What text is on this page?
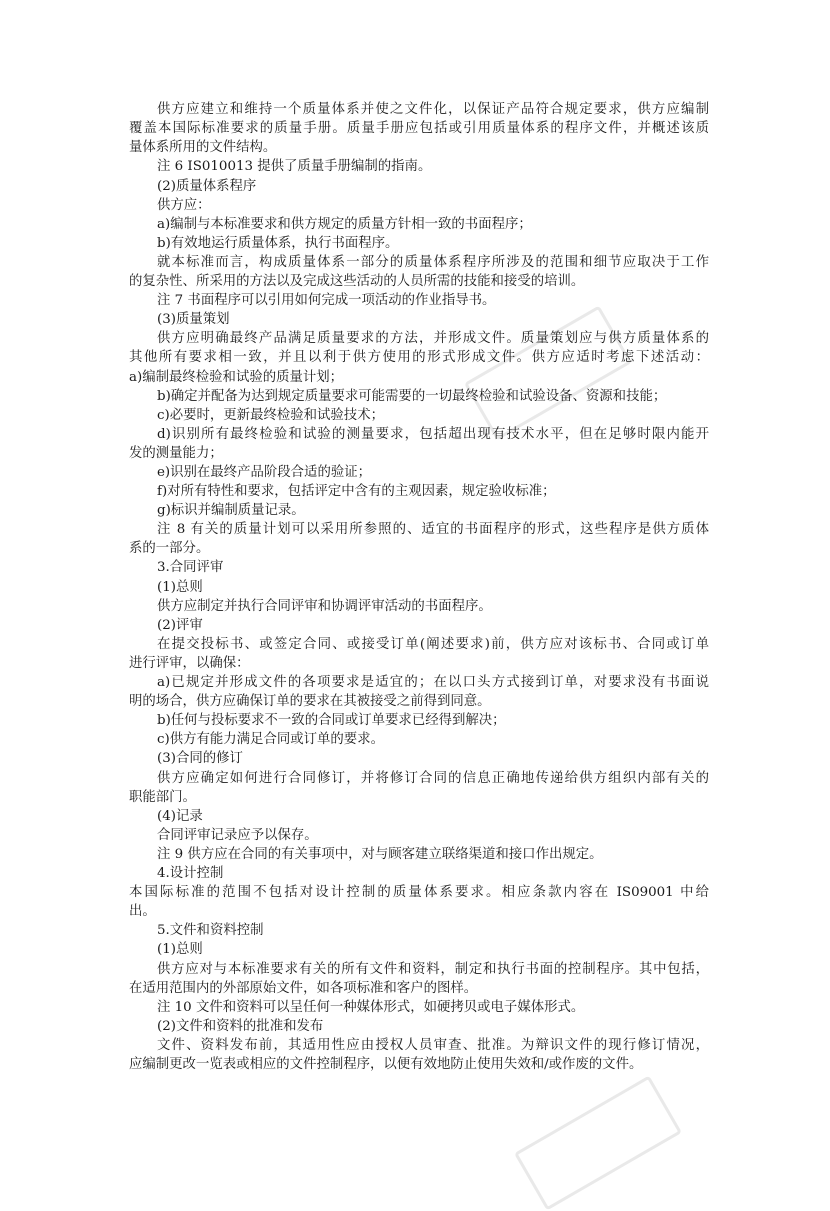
供方应建立和维持一个质量体系并使之文件化，以保证产品符合规定要求，供方应编制

覆盖本国际标准要求的质量手册。质量手册应包括或引用质量体系的程序文件，并概述该质

量体系所用的文件结构。

注 6 IS010013 提供了质量手册编制的指南。

(2)质量体系程序

供方应：

a)编制与本标准要求和供方规定的质量方针相一致的书面程序；

b)有效地运行质量体系，执行书面程序。

就本标准而言，构成质量体系一部分的质量体系程序所涉及的范围和细节应取决于工作

的复杂性、所采用的方法以及完成这些活动的人员所需的技能和接受的培训。

注 7 书面程序可以引用如何完成一项活动的作业指导书。

(3)质量策划

供方应明确最终产品满足质量要求的方法，并形成文件。质量策划应与供方质量体系的

其他所有要求相一致，并且以利于供方使用的形式形成文件。供方应适时考虑下述活动：

a)编制最终检验和试验的质量计划；

b)确定并配备为达到规定质量要求可能需要的一切最终检验和试验设备、资源和技能；

c)必要时，更新最终检验和试验技术；

d)识别所有最终检验和试验的测量要求，包括超出现有技术水平，但在足够时限内能开

发的测量能力；

e)识别在最终产品阶段合适的验证；

f)对所有特性和要求，包括评定中含有的主观因素，规定验收标准；

g)标识并编制质量记录。

注 8 有关的质量计划可以采用所参照的、适宜的书面程序的形式，这些程序是供方质体

系的一部分。

3.合同评审

(1)总则

供方应制定并执行合同评审和协调评审活动的书面程序。

(2)评审

在提交投标书、或签定合同、或接受订单(阐述要求)前，供方应对该标书、合同或订单

进行评审，以确保：

a)已规定并形成文件的各项要求是适宜的；在以口头方式接到订单，对要求没有书面说

明的场合，供方应确保订单的要求在其被接受之前得到同意。

b)任何与投标要求不一致的合同或订单要求已经得到解决；

c)供方有能力满足合同或订单的要求。

(3)合同的修订

供方应确定如何进行合同修订，并将修订合同的信息正确地传递给供方组织内部有关的

职能部门。

(4)记录

合同评审记录应予以保存。

注 9 供方应在合同的有关事项中，对与顾客建立联络渠道和接口作出规定。

4.设计控制

本国际标准的范围不包括对设计控制的质量体系要求。相应条款内容在 IS09001 中给

出。

5.文件和资料控制

(1)总则

供方应对与本标准要求有关的所有文件和资料，制定和执行书面的控制程序。其中包括，

在适用范围内的外部原始文件，如各项标准和客户的图样。

注 10 文件和资料可以呈任何一种媒体形式，如硬拷贝或电子媒体形式。

(2)文件和资料的批准和发布

文件、资料发布前，其适用性应由授权人员审查、批准。为辩识文件的现行修订情况，

应编制更改一览表或相应的文件控制程序，以便有效地防止使用失效和/或作废的文件。
